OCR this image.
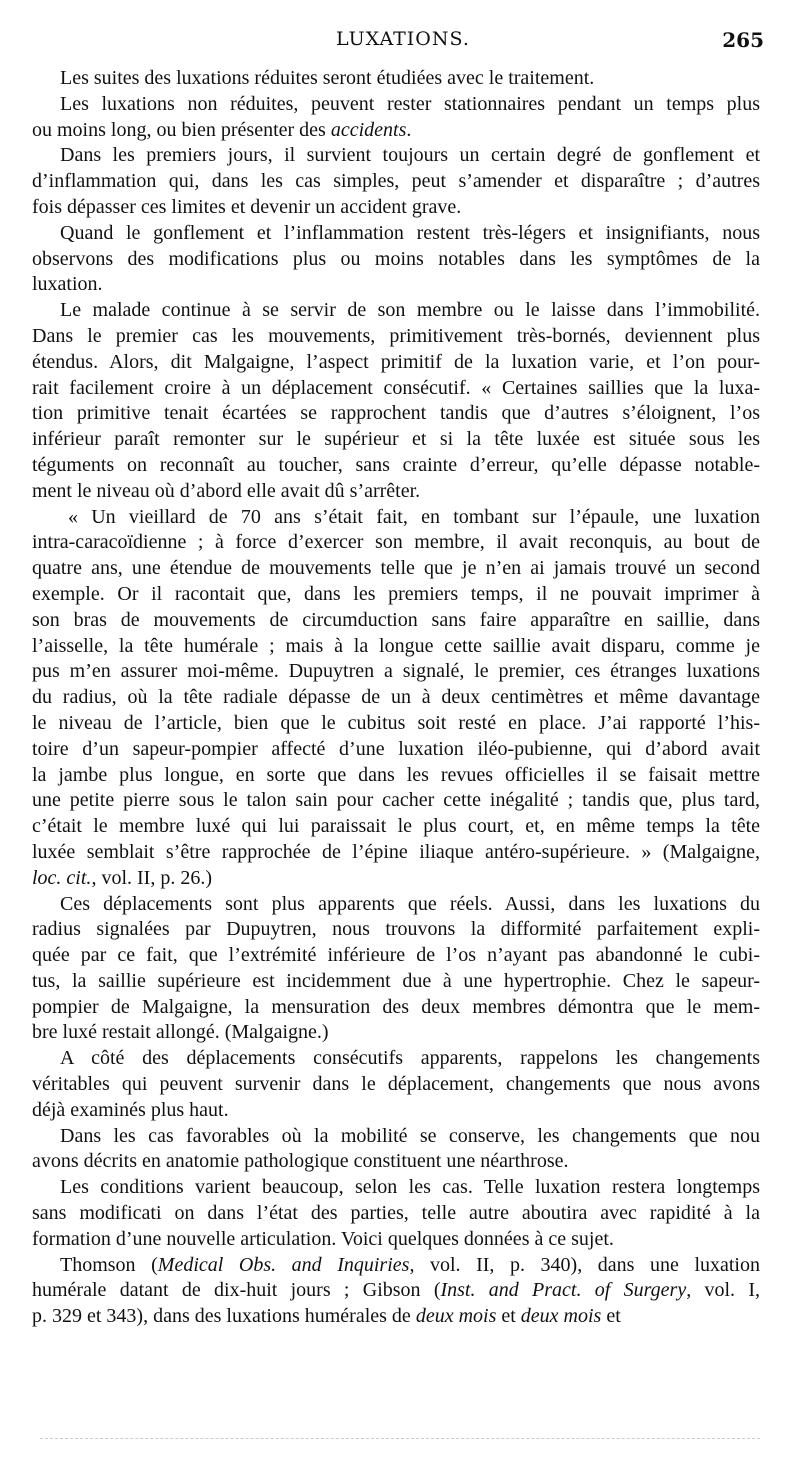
LUXATIONS.	265
Les suites des luxations réduites seront étudiées avec le traitement.
Les luxations non réduites, peuvent rester stationnaires pendant un temps plus
ou moins long, ou bien présenter des accidents.
Dans les premiers jours, il survient toujours un certain degré de gonflement et
d’inflammation qui, dans les cas simples, peut s’amender et disparaître ; d’autres
fois dépasser ces limites et devenir un accident grave.
Quand le gonflement et l’inflammation restent très-légers et insignifiants, nous
observons des modifications plus ou moins notables dans les symptômes de la
luxation.
Le malade continue à se servir de son membre ou le laisse dans l’immobilité.
Dans le premier cas les mouvements, primitivement très-bornés, deviennent plus
étendus. Alors, dit Malgaigne, l’aspect primitif de la luxation varie, et l’on pour-
rait facilement croire à un déplacement consécutif. « Certaines saillies que la luxa-
tion primitive tenait écartées se rapprochent tandis que d’autres s’éloignent, l’os
inférieur paraît remonter sur le supérieur et si la tête luxée est située sous les
téguments on reconnaît au toucher, sans crainte d’erreur, qu’elle dépasse notable-
ment le niveau où d’abord elle avait dû s’arrêter.
« Un vieillard de 70 ans s’était fait, en tombant sur l’épaule, une luxation
intra-caracoïdienne ; à force d’exercer son membre, il avait reconquis, au bout de
quatre ans, une étendue de mouvements telle que je n’en ai jamais trouvé un second
exemple. Or il racontait que, dans les premiers temps, il ne pouvait imprimer à
son bras de mouvements de circumduction sans faire apparaître en saillie, dans
l’aisselle, la tête humérale ; mais à la longue cette saillie avait disparu, comme je
pus m’en assurer moi-même. Dupuytren a signalé, le premier, ces étranges luxations
du radius, où la tête radiale dépasse de un à deux centimètres et même davantage
le niveau de l’article, bien que le cubitus soit resté en place. J’ai rapporté l’his-
toire d’un sapeur-pompier affecté d’une luxation iléo-pubienne, qui d’abord avait
la jambe plus longue, en sorte que dans les revues officielles il se faisait mettre
une petite pierre sous le talon sain pour cacher cette inégalité ; tandis que, plus tard,
c’était le membre luxé qui lui paraissait le plus court, et, en même temps la tête
luxée semblait s’être rapprochée de l’épine iliaque antéro-supérieure. » (Malgaigne,
loc. cit., vol. II, p. 26.)
Ces déplacements sont plus apparents que réels. Aussi, dans les luxations du
radius signalées par Dupuytren, nous trouvons la difformité parfaitement expli-
quée par ce fait, que l’extrémité inférieure de l’os n’ayant pas abandonné le cubi-
tus, la saillie supérieure est incidemment due à une hypertrophie. Chez le sapeur-
pompier de Malgaigne, la mensuration des deux membres démontra que le mem-
bre luxé restait allongé. (Malgaigne.)
A côté des déplacements consécutifs apparents, rappelons les changements
véritables qui peuvent survenir dans le déplacement, changements que nous avons
déjà examinés plus haut.
Dans les cas favorables où la mobilité se conserve, les changements que nou
avons décrits en anatomie pathologique constituent une néarthrose.
Les conditions varient beaucoup, selon les cas. Telle luxation restera longtemps
sans modificati on dans l’état des parties, telle autre aboutira avec rapidité à la
formation d’une nouvelle articulation. Voici quelques données à ce sujet.
Thomson (Medical Obs. and Inquiries, vol. II, p. 340), dans une luxation
humérale datant de dix-huit jours ; Gibson (Inst. and Pract. of Surgery, vol. I,
p. 329 et 343), dans des luxations humérales de deux mois et deux mois et
